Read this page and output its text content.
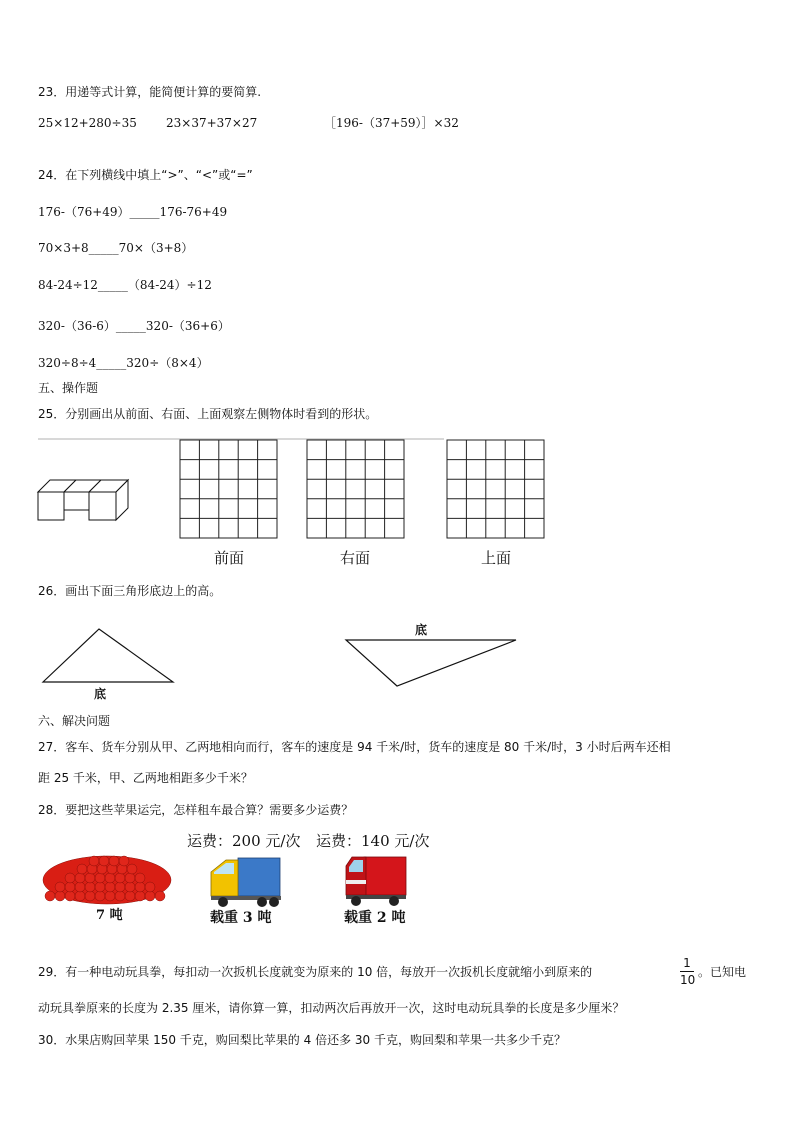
23．用递等式计算，能简便计算的要简算.
25×12+280÷35 23×37+37×27	［196-（37+59）］×32
24．在下列横线中填上“>”、“<”或“=”
176-（76+49）_____176-76+49
70×3+8_____70×（3+8）
84-24÷12_____（84-24）÷12
320-（36-6）_____320-（36+6）
320÷8÷4_____320÷（8×4）
五、操作题
25．分别画出从前面、右面、上面观察左侧物体时看到的形状。
前面	右面	上面
26．画出下面三角形底边上的高。
底
底
六、解决问题
27．客车、货车分别从甲、乙两地相向而行，客车的速度是 94 千米/时，货车的速度是 80 千米/时，3 小时后两车还相
距 25 千米，甲、乙两地相距多少千米？
28．要把这些苹果运完，怎样租车最合算？需要多少运费？
运费：200 元/次 运费：140 元/次
7 吨	载重 3 吨	载重 2 吨
29．有一种电动玩具拳，每扣动一次扳机长度就变为原来的 10 倍，每放开一次扳机长度就缩小到原来的
1
10
。已知电
动玩具拳原来的长度为 2.35 厘米，请你算一算，扣动两次后再放开一次，这时电动玩具拳的长度是多少厘米？
30．水果店购回苹果 150 千克，购回梨比苹果的 4 倍还多 30 千克，购回梨和苹果一共多少千克？
